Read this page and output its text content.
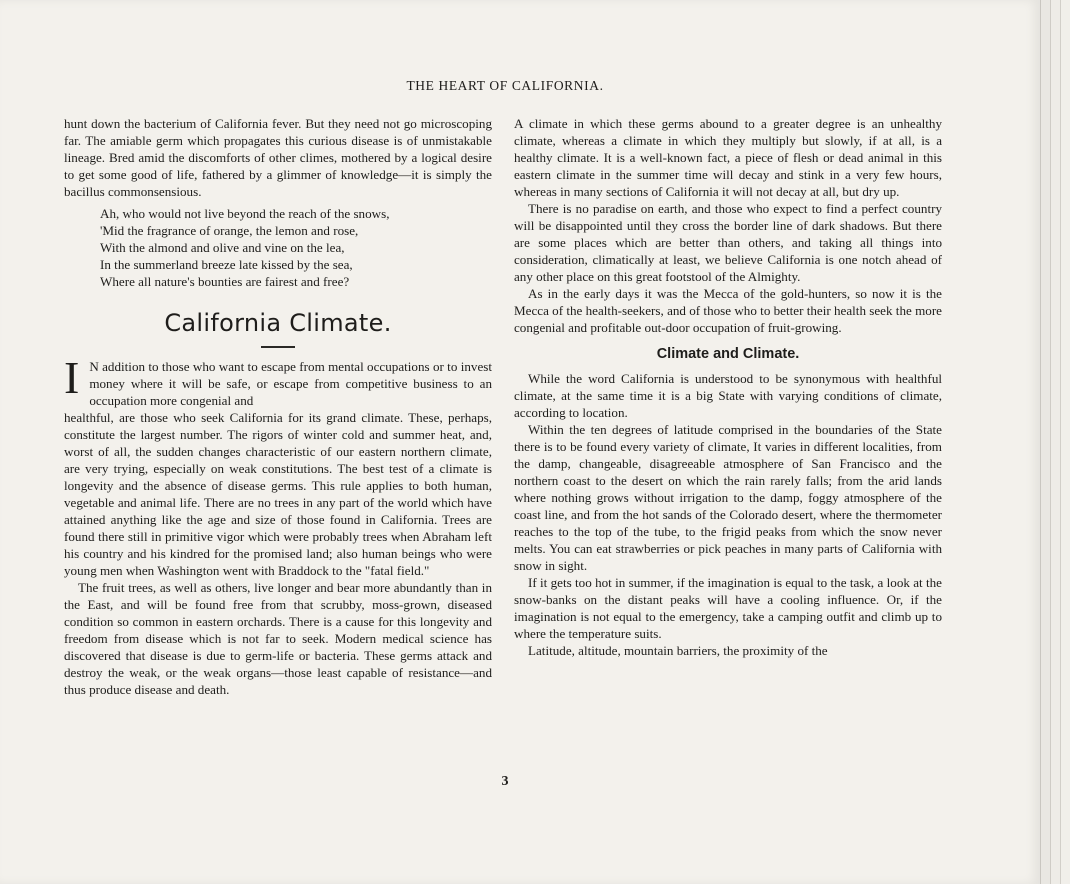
THE HEART OF CALIFORNIA.

hunt down the bacterium of California fever. But they need not go microscoping far. The amiable germ which propagates this curious disease is of unmistakable lineage. Bred amid the discomforts of other climes, mothered by a logical desire to get some good of life, fathered by a glimmer of knowledge—it is simply the bacillus commonsensious.

Ah, who would not live beyond the reach of the snows,
'Mid the fragrance of orange, the lemon and rose,
With the almond and olive and vine on the lea,
In the summerland breeze late kissed by the sea,
Where all nature's bounties are fairest and free?
California Climate.
I N addition to those who want to escape from mental occupations or to invest money where it will be safe, or escape from competitive business to an occupation more congenial and

healthful, are those who seek California for its grand climate. These, perhaps, constitute the largest number. The rigors of winter cold and summer heat, and, worst of all, the sudden changes characteristic of our eastern northern climate, are very trying, especially on weak constitutions. The best test of a climate is longevity and the absence of disease germs. This rule applies to both human, vegetable and animal life. There are no trees in any part of the world which have attained anything like the age and size of those found in California. Trees are found there still in primitive vigor which were probably trees when Abraham left his country and his kindred for the promised land; also human beings who were young men when Washington went with Braddock to the "fatal field."

The fruit trees, as well as others, live longer and bear more abundantly than in the East, and will be found free from that scrubby, moss-grown, diseased condition so common in eastern orchards. There is a cause for this longevity and freedom from disease which is not far to seek. Modern medical science has discovered that disease is due to germ-life or bacteria. These germs attack and destroy the weak, or the weak organs—those least capable of resistance—and thus produce disease and death.

A climate in which these germs abound to a greater degree is an unhealthy climate, whereas a climate in which they multiply but slowly, if at all, is a healthy climate. It is a well-known fact, a piece of flesh or dead animal in this eastern climate in the summer time will decay and stink in a very few hours, whereas in many sections of California it will not decay at all, but dry up.

There is no paradise on earth, and those who expect to find a perfect country will be disappointed until they cross the border line of dark shadows. But there are some places which are better than others, and taking all things into consideration, climatically at least, we believe California is one notch ahead of any other place on this great footstool of the Almighty.

As in the early days it was the Mecca of the gold-hunters, so now it is the Mecca of the health-seekers, and of those who to better their health seek the more congenial and profitable out-door occupation of fruit-growing.

Climate and Climate.

While the word California is understood to be synonymous with healthful climate, at the same time it is a big State with varying conditions of climate, according to location.

Within the ten degrees of latitude comprised in the boundaries of the State there is to be found every variety of climate, It varies in different localities, from the damp, changeable, disagreeable atmosphere of San Francisco and the northern coast to the desert on which the rain rarely falls; from the arid lands where nothing grows without irrigation to the damp, foggy atmosphere of the coast line, and from the hot sands of the Colorado desert, where the thermometer reaches to the top of the tube, to the frigid peaks from which the snow never melts. You can eat strawberries or pick peaches in many parts of California with snow in sight.

If it gets too hot in summer, if the imagination is equal to the task, a look at the snow-banks on the distant peaks will have a cooling influence. Or, if the imagination is not equal to the emergency, take a camping outfit and climb up to where the temperature suits.

Latitude, altitude, mountain barriers, the proximity of the

3
